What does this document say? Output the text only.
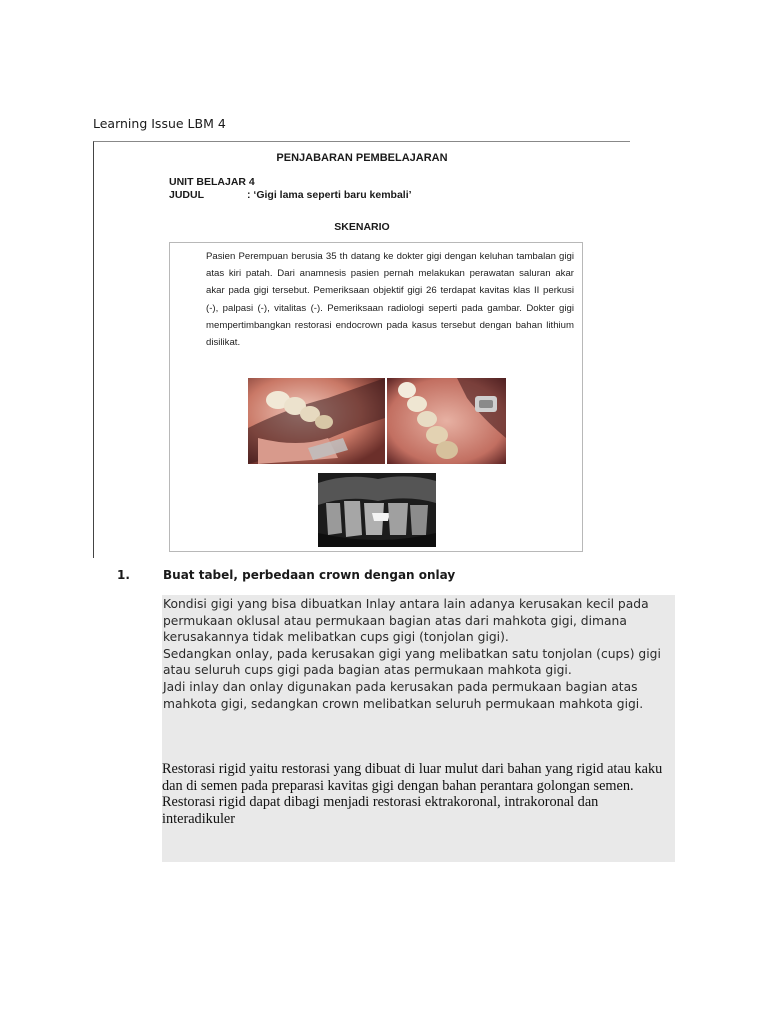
Learning Issue LBM 4
PENJABARAN PEMBELAJARAN
UNIT BELAJAR 4
JUDUL	: ‘Gigi lama seperti baru kembali’
SKENARIO
Pasien Perempuan berusia 35 th datang ke dokter gigi dengan keluhan tambalan gigi atas kiri patah. Dari anamnesis pasien pernah melakukan perawatan saluran akar akar pada gigi tersebut. Pemeriksaan objektif gigi 26 terdapat kavitas klas II perkusi (-), palpasi (-), vitalitas (-). Pemeriksaan radiologi seperti pada gambar. Dokter gigi mempertimbangkan restorasi endocrown pada kasus tersebut dengan bahan lithium disilikat.
1.	Buat tabel, perbedaan crown dengan onlay
Kondisi gigi yang bisa dibuatkan Inlay antara lain adanya kerusakan kecil pada permukaan oklusal atau permukaan bagian atas dari mahkota gigi, dimana kerusakannya tidak melibatkan cups gigi (tonjolan gigi).
Sedangkan onlay, pada kerusakan gigi yang melibatkan satu tonjolan (cups) gigi atau seluruh cups gigi pada bagian atas permukaan mahkota gigi.
Jadi inlay dan onlay digunakan pada kerusakan pada permukaan bagian atas mahkota gigi, sedangkan crown melibatkan seluruh permukaan mahkota gigi.

Restorasi rigid yaitu restorasi yang dibuat di luar mulut dari bahan yang rigid atau kaku dan di semen pada preparasi kavitas gigi dengan bahan perantara golongan semen. Restorasi rigid dapat dibagi menjadi restorasi ektrakoronal, intrakoronal dan interadikuler
